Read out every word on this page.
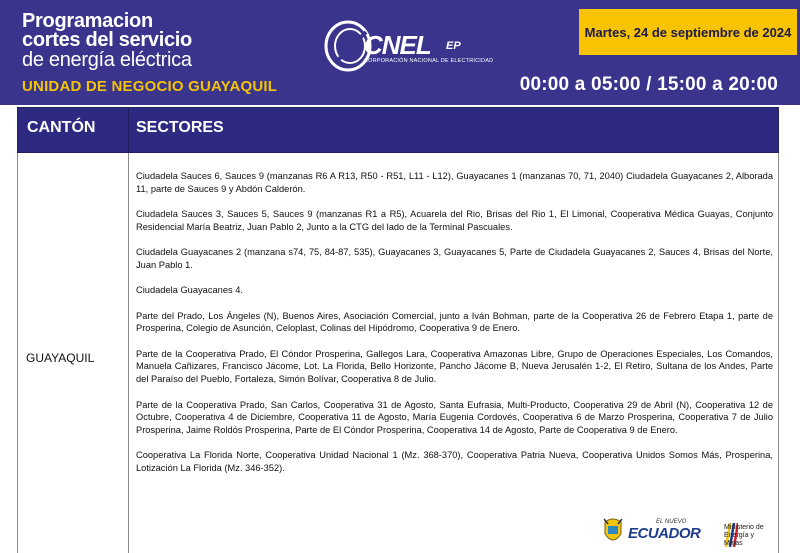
Programacion
cortes del servicio
de energía eléctrica
UNIDAD DE NEGOCIO GUAYAQUIL
CNEL EP
CORPORACIÓN NACIONAL DE ELECTRICIDAD
Martes, 24 de septiembre de 2024
00:00 a 05:00 / 15:00 a 20:00
CANTÓN	SECTORES
GUAYAQUIL

Ciudadela Sauces 6, Sauces 9 (manzanas R6 A R13, R50 - R51, L11 - L12), Guayacanes 1 (manzanas 70, 71, 2040) Ciudadela Guayacanes 2, Alborada 11, parte de Sauces 9 y Abdón Calderón.

Ciudadela Sauces 3, Sauces 5, Sauces 9 (manzanas R1 a R5), Acuarela del Rio, Brisas del Rio 1, El Limonal, Cooperativa Médica Guayas, Conjunto Residencial María Beatriz, Juan Pablo 2, Junto a la CTG del lado de la Terminal Pascuales.

Ciudadela Guayacanes 2 (manzana s74, 75, 84-87, 535), Guayacanes 3, Guayacanes 5, Parte de Ciudadela Guayacanes 2, Sauces 4, Brisas del Norte, Juan Pablo 1.

Ciudadela Guayacanes 4.

Parte del Prado, Los Ángeles (N), Buenos Aires, Asociación Comercial, junto a Iván Bohman, parte de la Cooperativa 26 de Febrero Etapa 1, parte de Prosperina, Colegio de Asunción, Celoplast, Colinas del Hipódromo, Cooperativa 9 de Enero.

Parte de la Cooperativa Prado, El Cóndor Prosperina, Gallegos Lara, Cooperativa Amazonas Libre, Grupo de Operaciones Especiales, Los Comandos, Manuela Cañizares, Francisco Jácome, Lot. La Florida, Bello Horizonte, Pancho Jácome B, Nueva Jerusalén 1-2, El Retiro, Sultana de los Andes, Parte del Paraíso del Pueblo, Fortaleza, Simón Bolívar, Cooperativa 8 de Julio.

Parte de la Cooperativa Prado, San Carlos, Cooperativa 31 de Agosto, Santa Eufrasia, Multi-Producto, Cooperativa 29 de Abril (N), Cooperativa 12 de Octubre, Cooperativa 4 de Diciembre, Cooperativa 11 de Agosto, María Eugenia Cordovés, Cooperativa 6 de Marzo Prosperina, Cooperativa 7 de Julio Prosperina, Jaime Roldós Prosperina, Parte de El Cóndor Prosperina, Cooperativa 14 de Agosto, Parte de Cooperativa 9 de Enero.

Cooperativa La Florida Norte, Cooperativa Unidad Nacional 1 (Mz. 368-370), Cooperativa Patria Nueva, Cooperativa Unidos Somos Más, Prosperina, Lotización La Florida (Mz. 346-352).

EL NUEVO
ECUADOR	Ministerio de
Energía y Minas
